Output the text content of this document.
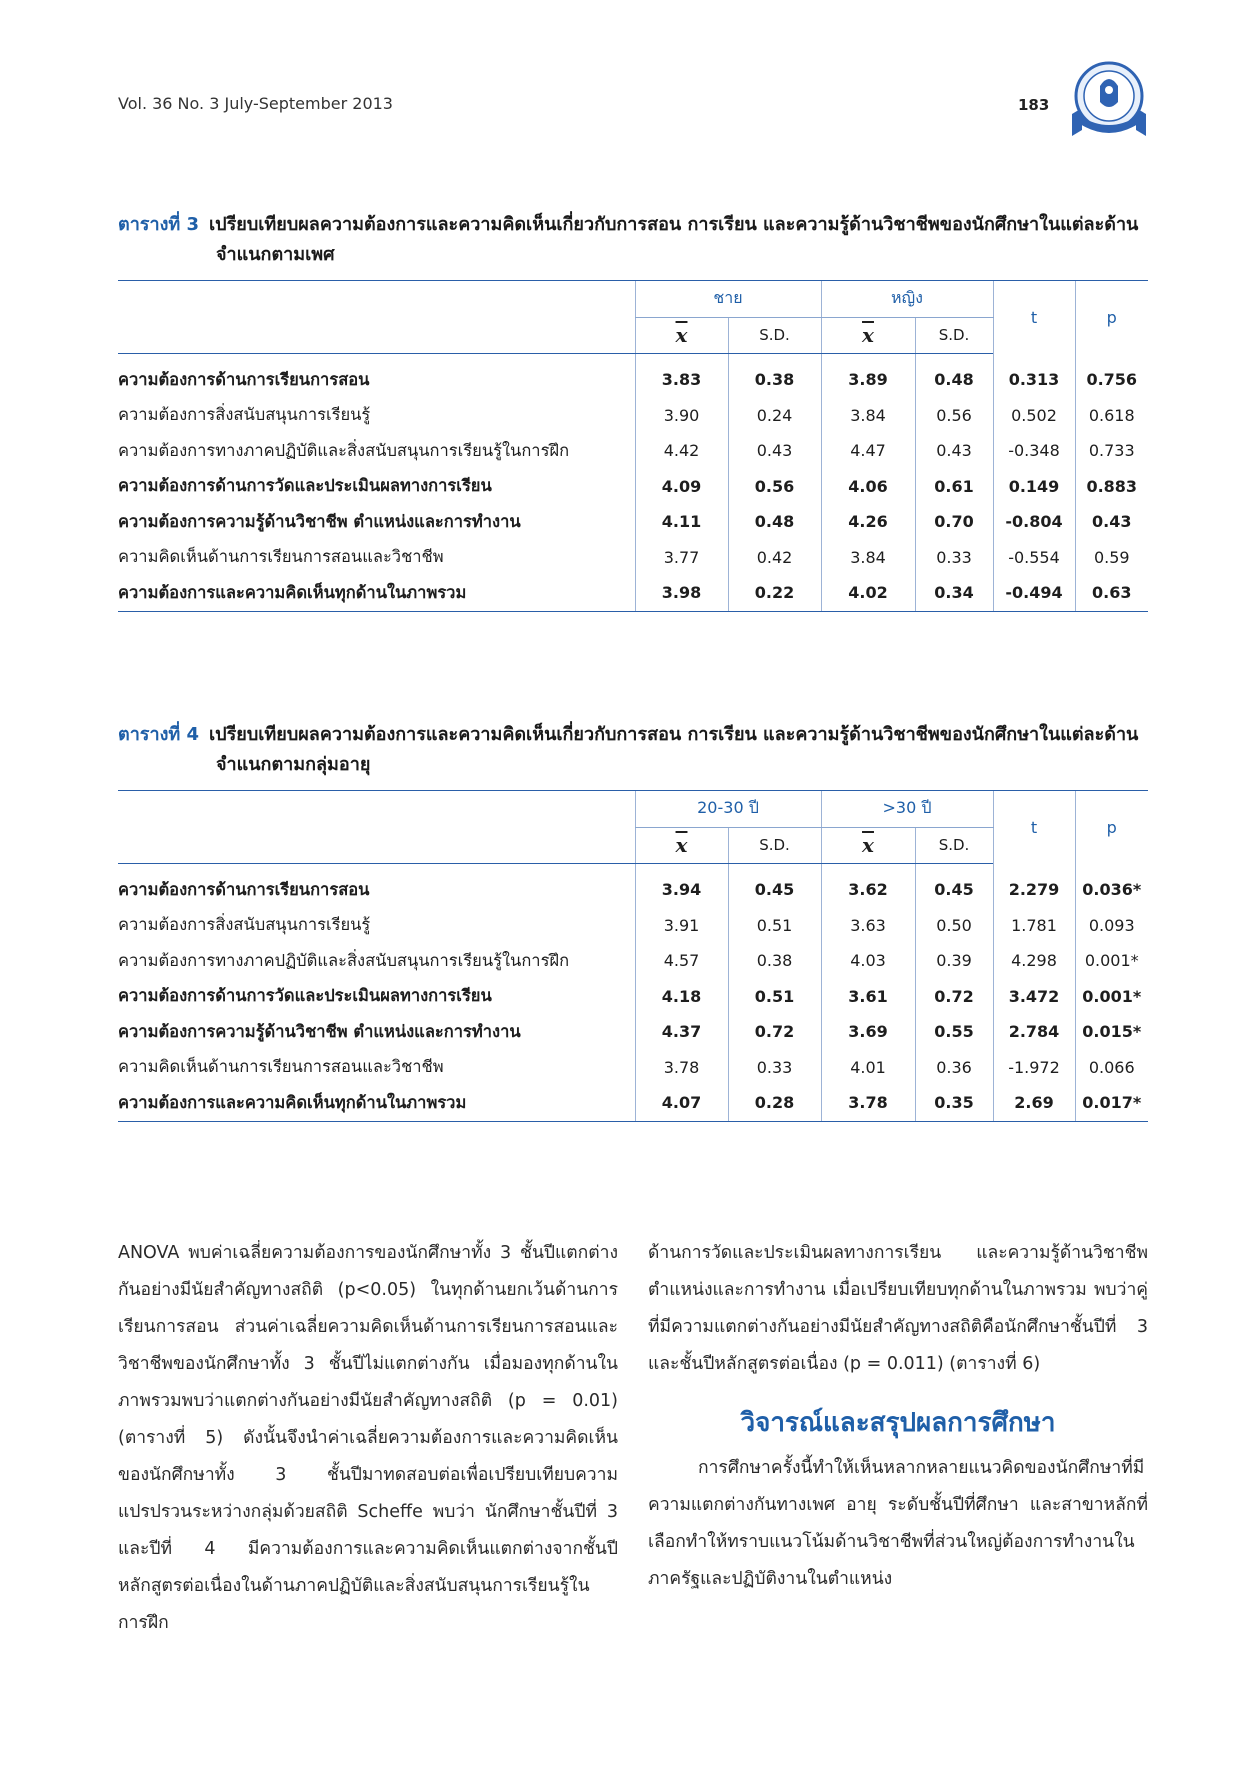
Vol. 36 No. 3 July-September 2013	183
ตารางที่ 3 เปรียบเทียบผลความต้องการและความคิดเห็นเกี่ยวกับการสอน การเรียน และความรู้ด้านวิชาชีพของนักศึกษาในแต่ละด้าน
จำแนกตามเพศ
	ชาย		หญิง		t	p
	$\overline{x}$	S.D.	$\overline{x}$	S.D.		
ความต้องการด้านการเรียนการสอน	3.83	0.38	3.89	0.48	0.313	0.756
ความต้องการสิ่งสนับสนุนการเรียนรู้	3.90	0.24	3.84	0.56	0.502	0.618
ความต้องการทางภาคปฏิบัติและสิ่งสนับสนุนการเรียนรู้ในการฝึก	4.42	0.43	4.47	0.43	-0.348	0.733
ความต้องการด้านการวัดและประเมินผลทางการเรียน	4.09	0.56	4.06	0.61	0.149	0.883
ความต้องการความรู้ด้านวิชาชีพ ตำแหน่งและการทำงาน	4.11	0.48	4.26	0.70	-0.804	0.43
ความคิดเห็นด้านการเรียนการสอนและวิชาชีพ	3.77	0.42	3.84	0.33	-0.554	0.59
ความต้องการและความคิดเห็นทุกด้านในภาพรวม	3.98	0.22	4.02	0.34	-0.494	0.63
ตารางที่ 4 เปรียบเทียบผลความต้องการและความคิดเห็นเกี่ยวกับการสอน การเรียน และความรู้ด้านวิชาชีพของนักศึกษาในแต่ละด้าน
จำแนกตามกลุ่มอายุ
	20-30 ปี		>30 ปี		t	p
	$\overline{x}$	S.D.	$\overline{x}$	S.D.		
ความต้องการด้านการเรียนการสอน	3.94	0.45	3.62	0.45	2.279	0.036*
ความต้องการสิ่งสนับสนุนการเรียนรู้	3.91	0.51	3.63	0.50	1.781	0.093
ความต้องการทางภาคปฏิบัติและสิ่งสนับสนุนการเรียนรู้ในการฝึก	4.57	0.38	4.03	0.39	4.298	0.001*
ความต้องการด้านการวัดและประเมินผลทางการเรียน	4.18	0.51	3.61	0.72	3.472	0.001*
ความต้องการความรู้ด้านวิชาชีพ ตำแหน่งและการทำงาน	4.37	0.72	3.69	0.55	2.784	0.015*
ความคิดเห็นด้านการเรียนการสอนและวิชาชีพ	3.78	0.33	4.01	0.36	-1.972	0.066
ความต้องการและความคิดเห็นทุกด้านในภาพรวม	4.07	0.28	3.78	0.35	2.69	0.017*

ANOVA พบค่าเฉลี่ยความต้องการของนักศึกษาทั้ง 3 ชั้นปีแตกต่างกันอย่างมีนัยสำคัญทางสถิติ (p<0.05) ในทุกด้านยกเว้นด้านการเรียนการสอน ส่วนค่าเฉลี่ยความคิดเห็นด้านการเรียนการสอนและวิชาชีพของนักศึกษาทั้ง 3 ชั้นปีไม่แตกต่างกัน เมื่อมองทุกด้านในภาพรวมพบว่าแตกต่างกันอย่างมีนัยสำคัญทางสถิติ (p = 0.01) (ตารางที่ 5) ดังนั้นจึงนำค่าเฉลี่ยความต้องการและความคิดเห็นของนักศึกษาทั้ง 3 ชั้นปีมาทดสอบต่อเพื่อเปรียบเทียบความแปรปรวนระหว่างกลุ่มด้วยสถิติ Scheffe พบว่า นักศึกษาชั้นปีที่ 3 และปีที่ 4 มีความต้องการและความคิดเห็นแตกต่างจากชั้นปีหลักสูตรต่อเนื่องในด้านภาคปฏิบัติและสิ่งสนับสนุนการเรียนรู้ในการฝึก

ด้านการวัดและประเมินผลทางการเรียน และความรู้ด้านวิชาชีพ ตำแหน่งและการทำงาน เมื่อเปรียบเทียบทุกด้านในภาพรวม พบว่าคู่ที่มีความแตกต่างกันอย่างมีนัยสำคัญทางสถิติคือนักศึกษาชั้นปีที่ 3 และชั้นปีหลักสูตรต่อเนื่อง (p = 0.011) (ตารางที่ 6)

วิจารณ์และสรุปผลการศึกษา

การศึกษาครั้งนี้ทำให้เห็นหลากหลายแนวคิดของนักศึกษาที่มีความแตกต่างกันทางเพศ อายุ ระดับชั้นปีที่ศึกษา และสาขาหลักที่เลือกทำให้ทราบแนวโน้มด้านวิชาชีพที่ส่วนใหญ่ต้องการทำงานในภาครัฐและปฏิบัติงานในตำแหน่ง
